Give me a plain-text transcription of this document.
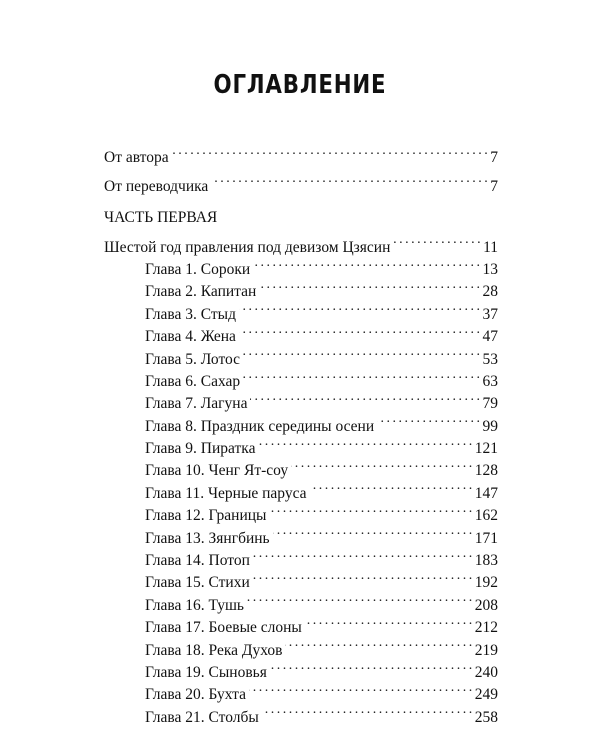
ОГЛАВЛЕНИЕ
От автора . . .	7
От переводчика . . .	7
ЧАСТЬ ПЕРВАЯ
Шестой год правления под девизом Цзясин . . .	11
Глава 1. Сороки . . .	13
Глава 2. Капитан . . .	28
Глава 3. Стыд . . .	37
Глава 4. Жена . . .	47
Глава 5. Лотос . . .	53
Глава 6. Сахар . . .	63
Глава 7. Лагуна . . .	79
Глава 8. Праздник середины осени . . .	99
Глава 9. Пиратка . . .	121
Глава 10. Ченг Ят-соу . . .	128
Глава 11. Черные паруса . . .	147
Глава 12. Границы . . .	162
Глава 13. Зянгбинь . . .	171
Глава 14. Потоп . . .	183
Глава 15. Стихи . . .	192
Глава 16. Тушь . . .	208
Глава 17. Боевые слоны . . .	212
Глава 18. Река Духов . . .	219
Глава 19. Сыновья . . .	240
Глава 20. Бухта . . .	249
Глава 21. Столбы . . .	258
